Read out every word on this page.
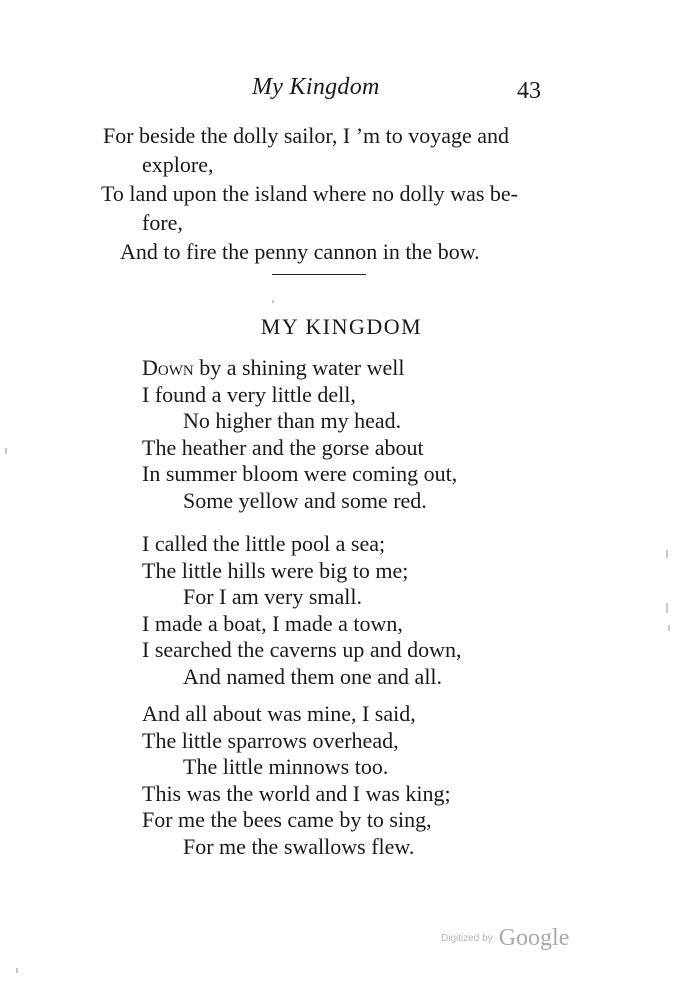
My Kingdom	43
For beside the dolly sailor, I ’m to voyage and
explore,
To land upon the island where no dolly was be-
fore,
And to fire the penny cannon in the bow.
MY KINGDOM
Down by a shining water well
I found a very little dell,
No higher than my head.
The heather and the gorse about
In summer bloom were coming out,
Some yellow and some red.
I called the little pool a sea;
The little hills were big to me;
For I am very small.
I made a boat, I made a town,
I searched the caverns up and down,
And named them one and all.
And all about was mine, I said,
The little sparrows overhead,
The little minnows too.
This was the world and I was king;
For me the bees came by to sing,
For me the swallows flew.
Digitized by Google
